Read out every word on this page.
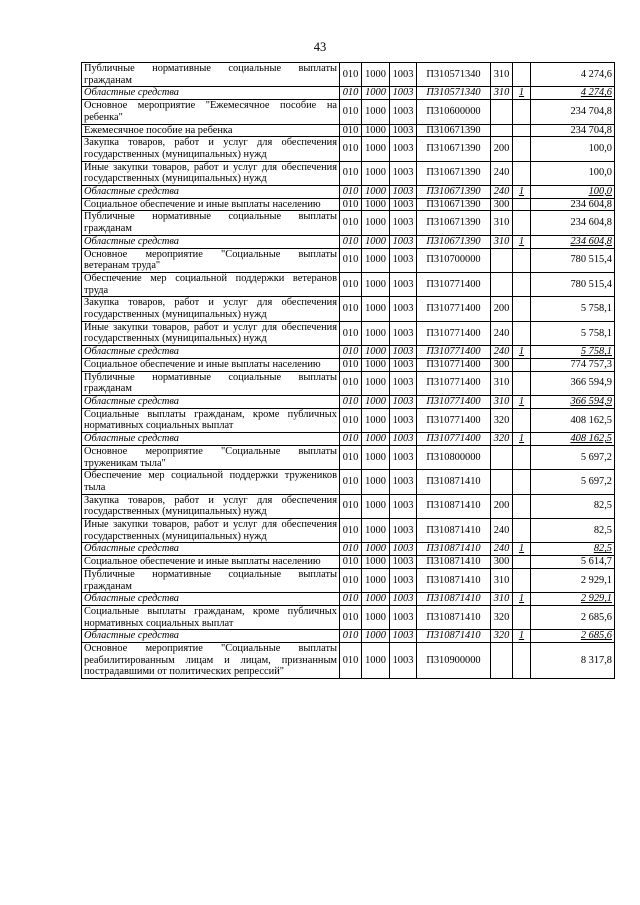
43
Публичные нормативные социальные выплаты гражданам	010	1000	1003	П310571340	310		4 274,6
Областные средства	010	1000	1003	П310571340	310	1	4 274,6
Основное мероприятие "Ежемесячное пособие на ребенка"	010	1000	1003	П310600000			234 704,8
Ежемесячное пособие на ребенка	010	1000	1003	П310671390			234 704,8
Закупка товаров, работ и услуг для обеспечения государственных (муниципальных) нужд	010	1000	1003	П310671390	200		100,0
Иные закупки товаров, работ и услуг для обеспечения государственных (муниципальных) нужд	010	1000	1003	П310671390	240		100,0
Областные средства	010	1000	1003	П310671390	240	1	100,0
Социальное обеспечение и иные выплаты населению	010	1000	1003	П310671390	300		234 604,8
Публичные нормативные социальные выплаты гражданам	010	1000	1003	П310671390	310		234 604,8
Областные средства	010	1000	1003	П310671390	310	1	234 604,8
Основное мероприятие "Социальные выплаты ветеранам труда"	010	1000	1003	П310700000			780 515,4
Обеспечение мер социальной поддержки ветеранов труда	010	1000	1003	П310771400			780 515,4
Закупка товаров, работ и услуг для обеспечения государственных (муниципальных) нужд	010	1000	1003	П310771400	200		5 758,1
Иные закупки товаров, работ и услуг для обеспечения государственных (муниципальных) нужд	010	1000	1003	П310771400	240		5 758,1
Областные средства	010	1000	1003	П310771400	240	1	5 758,1
Социальное обеспечение и иные выплаты населению	010	1000	1003	П310771400	300		774 757,3
Публичные нормативные социальные выплаты гражданам	010	1000	1003	П310771400	310		366 594,9
Областные средства	010	1000	1003	П310771400	310	1	366 594,9
Социальные выплаты гражданам, кроме публичных нормативных социальных выплат	010	1000	1003	П310771400	320		408 162,5
Областные средства	010	1000	1003	П310771400	320	1	408 162,5
Основное мероприятие "Социальные выплаты труженикам тыла"	010	1000	1003	П310800000			5 697,2
Обеспечение мер социальной поддержки тружеников тыла	010	1000	1003	П310871410			5 697,2
Закупка товаров, работ и услуг для обеспечения государственных (муниципальных) нужд	010	1000	1003	П310871410	200		82,5
Иные закупки товаров, работ и услуг для обеспечения государственных (муниципальных) нужд	010	1000	1003	П310871410	240		82,5
Областные средства	010	1000	1003	П310871410	240	1	82,5
Социальное обеспечение и иные выплаты населению	010	1000	1003	П310871410	300		5 614,7
Публичные нормативные социальные выплаты гражданам	010	1000	1003	П310871410	310		2 929,1
Областные средства	010	1000	1003	П310871410	310	1	2 929,1
Социальные выплаты гражданам, кроме публичных нормативных социальных выплат	010	1000	1003	П310871410	320		2 685,6
Областные средства	010	1000	1003	П310871410	320	1	2 685,6
Основное мероприятие "Социальные выплаты реабилитированным лицам и лицам, признанным пострадавшими от политических репрессий"	010	1000	1003	П310900000			8 317,8
